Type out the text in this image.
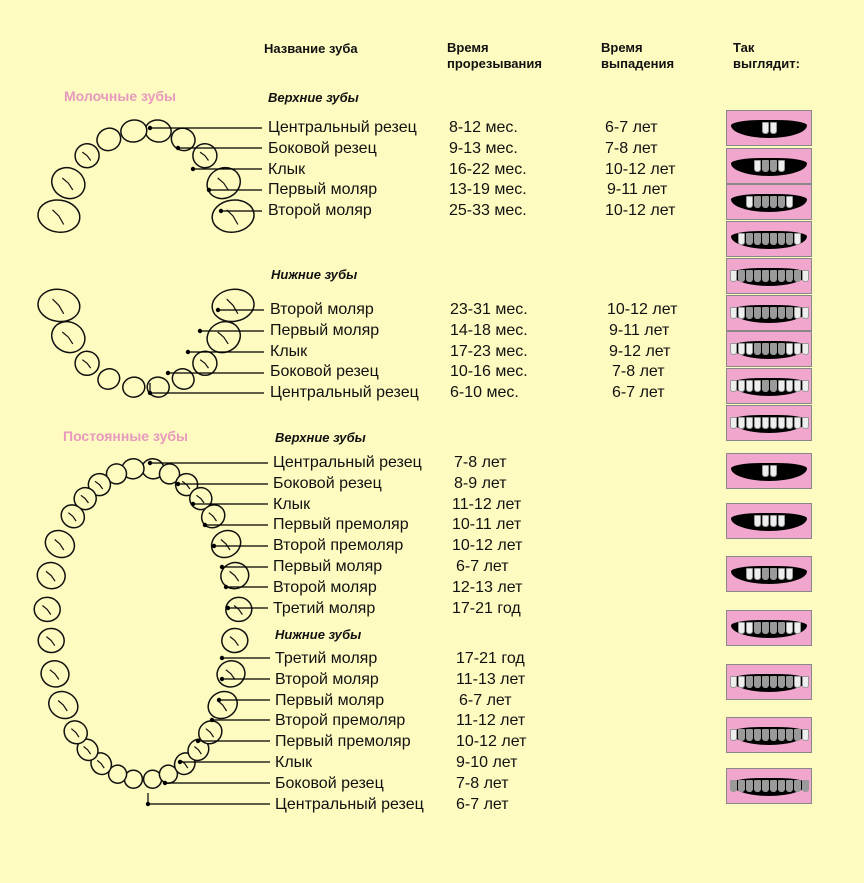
Название зуба	Время
прорезывания
Время
выпадения
Так
выглядит:
Молочные зубы	Верхние зубы
Нижние зубы
Постоянные зубы	Верхние зубы
Нижние зубы
Центральный резец 8-12 мес.	6-7 лет
Боковой резец	9-13 мес.	7-8 лет
Клык	16-22 мес.	10-12 лет
Первый моляр	13-19 мес.	9-11 лет
Второй моляр	25-33 мес.	10-12 лет
Второй моляр	23-31 мес.	10-12 лет
Первый моляр	14-18 мес.	9-11 лет
Клык	17-23 мес.	9-12 лет
Боковой резец	10-16 мес.	7-8 лет
Центральный резец 6-10 мес.	6-7 лет
Центральный резец 7-8 лет
Боковой резец	8-9 лет
Клык	11-12 лет
Первый премоляр	10-11 лет
Второй премоляр	10-12 лет
Первый моляр	6-7 лет
Второй моляр	12-13 лет
Третий моляр	17-21 год
Третий моляр	17-21 год
Второй моляр	11-13 лет
Первый моляр	6-7 лет
Второй премоляр	11-12 лет
Первый премоляр	10-12 лет
Клык	9-10 лет
Боковой резец	7-8 лет
Центральный резец 6-7 лет
